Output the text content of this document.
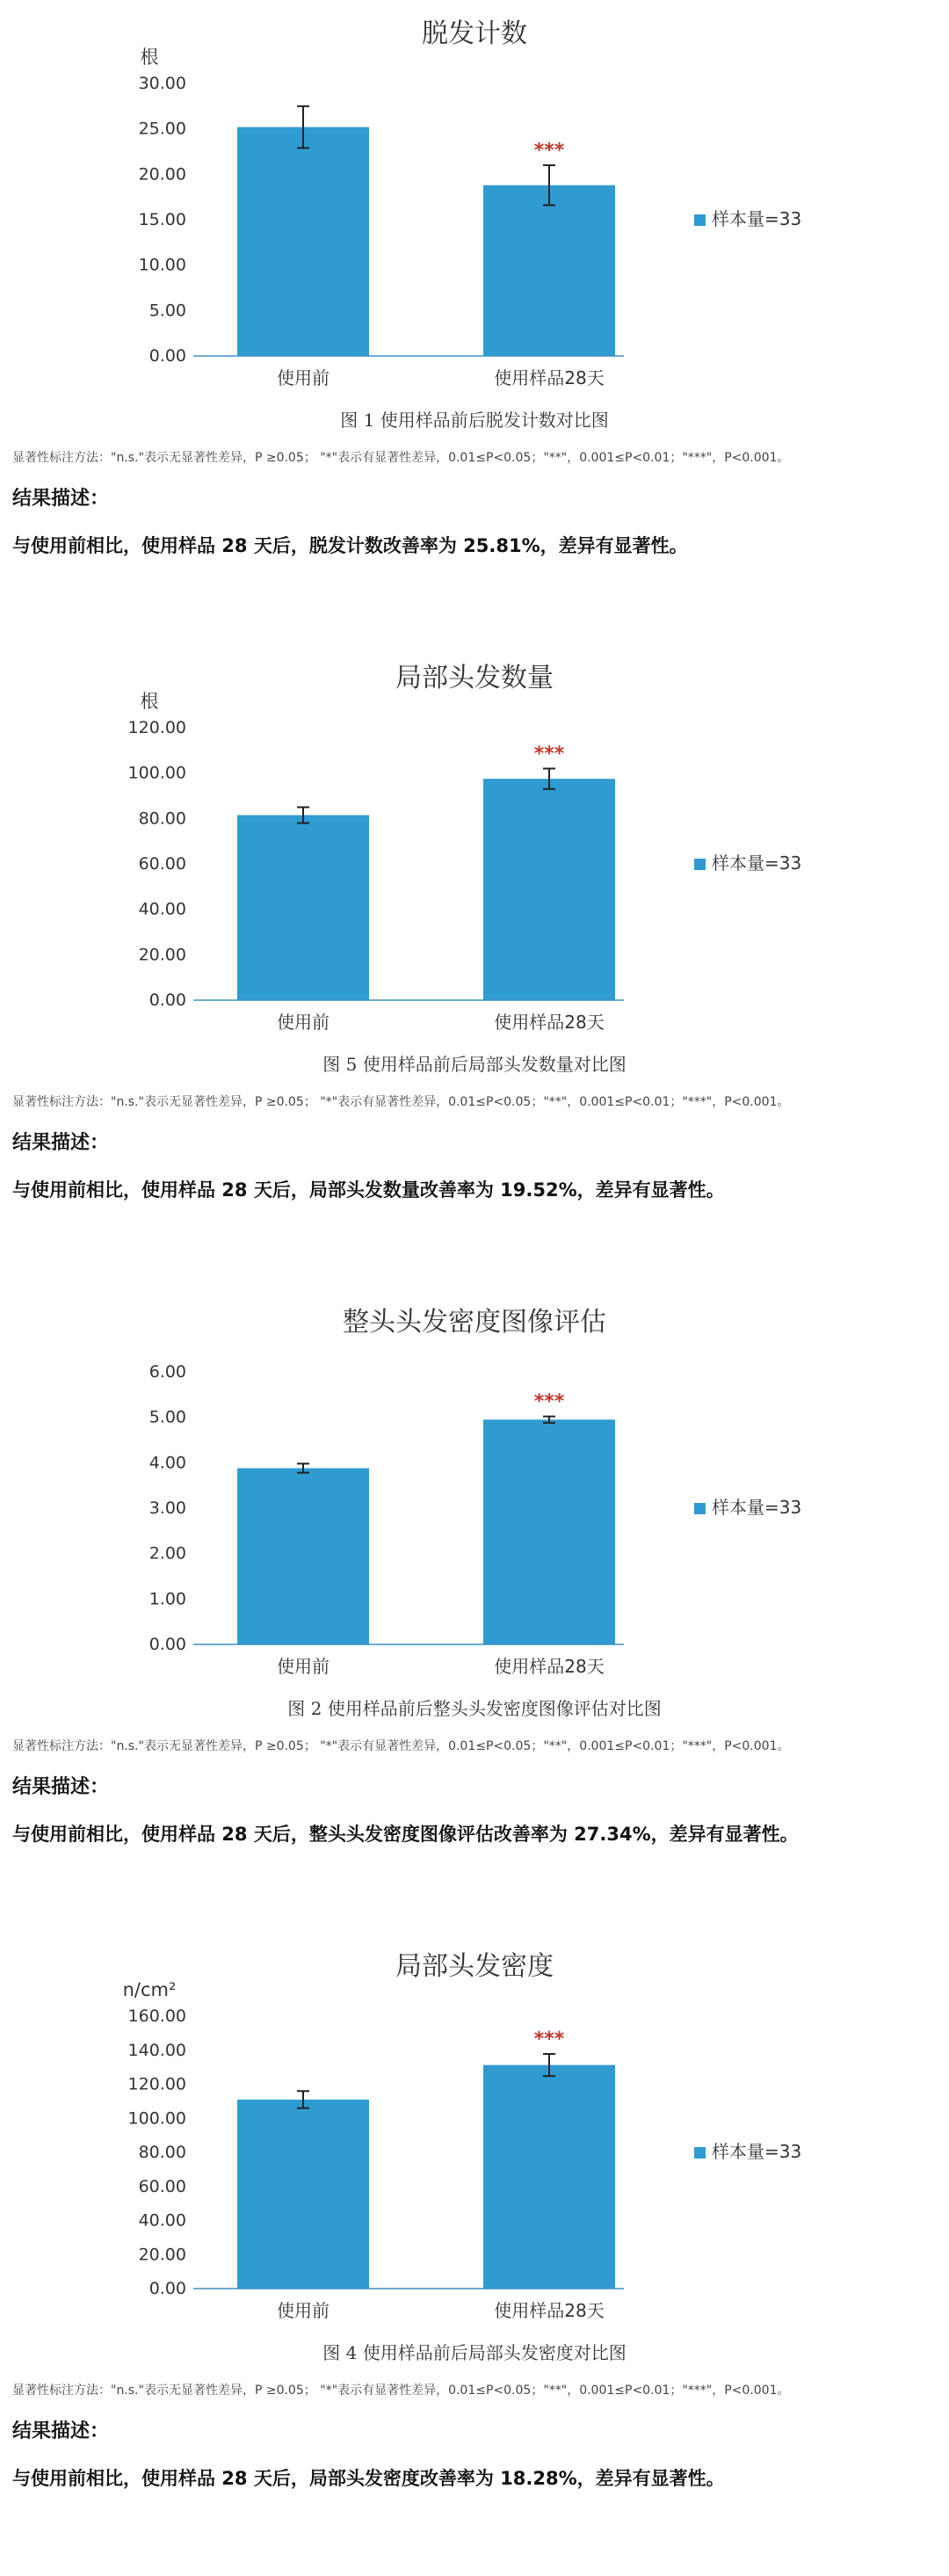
脱发计数
根
0.00
5.00
10.00
15.00
20.00
25.00
30.00
使用前	使用样品28天
***
样本量=33
图 1 使用样品前后脱发计数对比图
显著性标注方法："n.s."表示无显著性差异，P ≥0.05； "*"表示有显著性差异，0.01≤P<0.05；"**"，0.001≤P<0.01；"***"，P<0.001。
结果描述：
与使用前相比，使用样品 28 天后，脱发计数改善率为 25.81%，差异有显著性。
局部头发数量
根
0.00
20.00
40.00
60.00
80.00
100.00
120.00
使用前	使用样品28天
***
样本量=33
图 5 使用样品前后局部头发数量对比图
显著性标注方法："n.s."表示无显著性差异，P ≥0.05； "*"表示有显著性差异，0.01≤P<0.05；"**"，0.001≤P<0.01；"***"，P<0.001。
结果描述：
与使用前相比，使用样品 28 天后，局部头发数量改善率为 19.52%，差异有显著性。
整头头发密度图像评估
0.00
1.00
2.00
3.00
4.00
5.00
6.00
使用前	使用样品28天
***
样本量=33
图 2 使用样品前后整头头发密度图像评估对比图
显著性标注方法："n.s."表示无显著性差异，P ≥0.05； "*"表示有显著性差异，0.01≤P<0.05；"**"，0.001≤P<0.01；"***"，P<0.001。
结果描述：
与使用前相比，使用样品 28 天后，整头头发密度图像评估改善率为 27.34%，差异有显著性。
局部头发密度
n/cm²
0.00
20.00
40.00
60.00
80.00
100.00
120.00
140.00
160.00
使用前	使用样品28天
***
样本量=33
图 4 使用样品前后局部头发密度对比图
显著性标注方法："n.s."表示无显著性差异，P ≥0.05； "*"表示有显著性差异，0.01≤P<0.05；"**"，0.001≤P<0.01；"***"，P<0.001。
结果描述：
与使用前相比，使用样品 28 天后，局部头发密度改善率为 18.28%，差异有显著性。
